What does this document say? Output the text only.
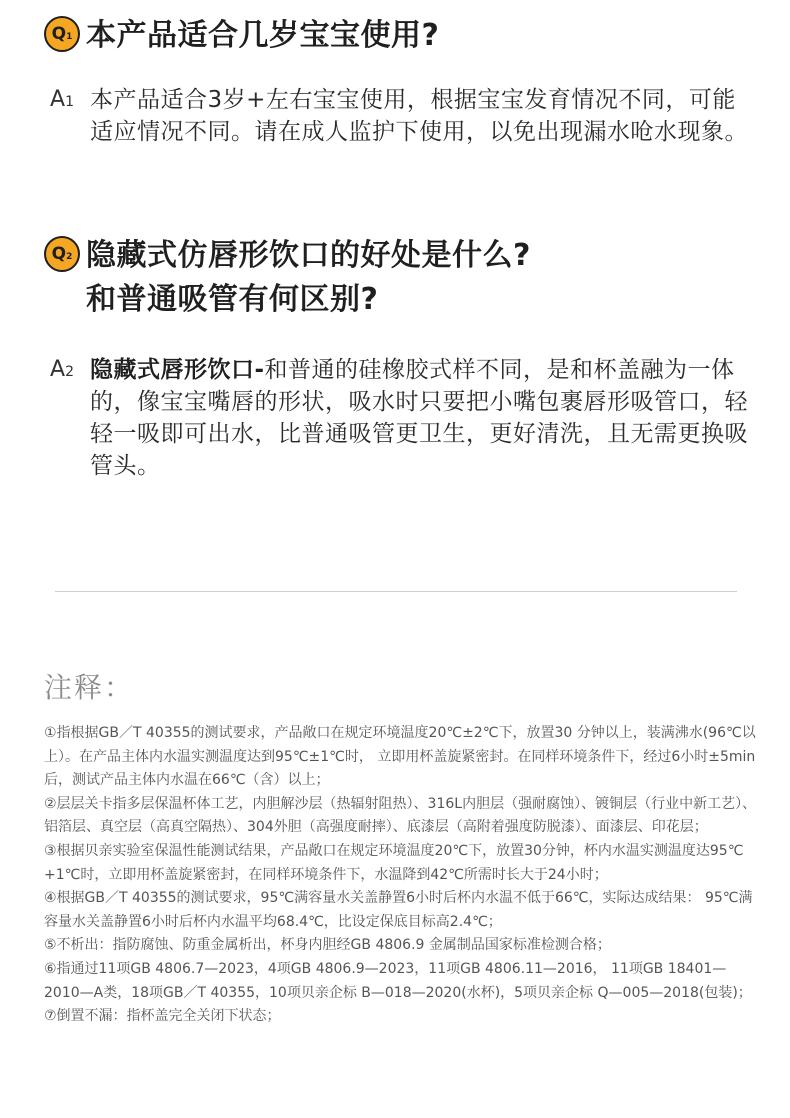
Q 1 本产品适合几岁宝宝使用?
A1 本产品适合3岁+左右宝宝使用，根据宝宝发育情况不同，可能适应情况不同。请在成人监护下使用，以免出现漏水呛水现象。
Q 2 隐藏式仿唇形饮口的好处是什么?
和普通吸管有何区别?
A2 隐藏式唇形饮口-和普通的硅橡胶式样不同，是和杯盖融为一体的，像宝宝嘴唇的形状，吸水时只要把小嘴包裹唇形吸管口，轻轻一吸即可出水，比普通吸管更卫生，更好清洗，且无需更换吸管头。
注释：

①指根据GB／T 40355的测试要求，产品敞口在规定环境温度20℃±2℃下，放置30 分钟以上，装满沸水(96℃以上）。在产品主体内水温实测温度达到95℃±1℃时， 立即用杯盖旋紧密封。在同样环境条件下，经过6小时±5min后，测试产品主体内水温在66℃（含）以上；

②层层关卡指多层保温杯体工艺，内胆解沙层（热辐射阻热）、316L内胆层（强耐腐蚀）、镀铜层（行业中新工艺）、铝箔层、真空层（高真空隔热）、304外胆（高强度耐摔）、底漆层（高附着强度防脱漆）、面漆层、印花层；

③根据贝亲实验室保温性能测试结果，产品敞口在规定环境温度20℃下，放置30分钟，杯内水温实测温度达95℃+1℃时，立即用杯盖旋紧密封，在同样环境条件下，水温降到42℃所需时长大于24小时；

④根据GB／T 40355的测试要求，95℃满容量水关盖静置6小时后杯内水温不低于66℃，实际达成结果： 95℃满容量水关盖静置6小时后杯内水温平均68.4℃，比设定保底目标高2.4℃；

⑤不析出：指防腐蚀、防重金属析出，杯身内胆经GB 4806.9 金属制品国家标准检测合格；

⑥指通过11项GB 4806.7—2023，4项GB 4806.9—2023，11项GB 4806.11—2016， 11项GB 18401—2010—A类，18项GB／T 40355，10项贝亲企标 B—018—2020(水杯)，5项贝亲企标 Q—005—2018(包装)；

⑦倒置不漏：指杯盖完全关闭下状态；
